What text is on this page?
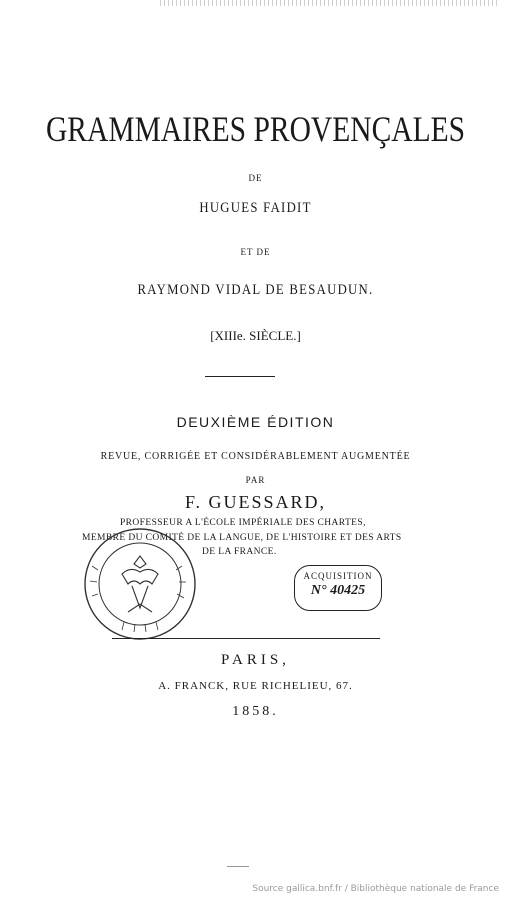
GRAMMAIRES PROVENÇALES
DE
HUGUES FAIDIT
ET DE
RAYMOND VIDAL DE BESAUDUN.
[XIIIe. SIÈCLE.]
DEUXIÈME ÉDITION
REVUE, CORRIGÉE ET CONSIDÉRABLEMENT AUGMENTÉE
PAR
F. GUESSARD,
PROFESSEUR A L'ÉCOLE IMPÉRIALE DES CHARTES,
MEMBRE DU COMITÉ DE LA LANGUE, DE L'HISTOIRE ET DES ARTS
DE LA FRANCE.
ACQUISITION
N° 40425
PARIS,
A. FRANCK, RUE RICHELIEU, 67.
1858.
Source gallica.bnf.fr / Bibliothèque nationale de France
